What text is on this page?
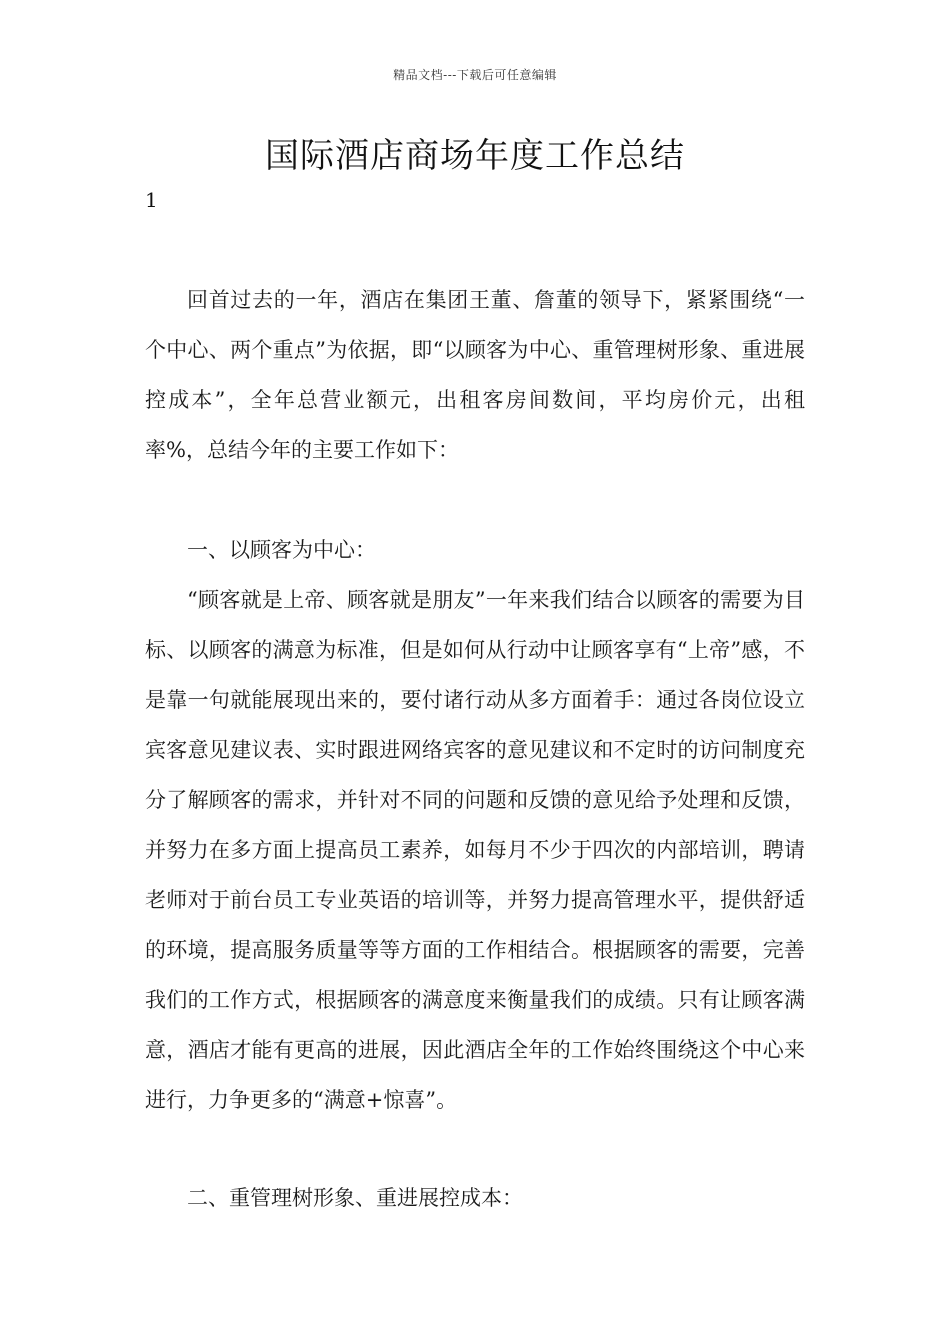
精品文档---下载后可任意编辑
国际酒店商场年度工作总结
1

回首过去的一年，酒店在集团王董、詹董的领导下，紧紧围绕“一个中心、两个重点”为依据，即“以顾客为中心、重管理树形象、重进展控成本”，全年总营业额元，出租客房间数间，平均房价元，出租率%，总结今年的主要工作如下：

一、以顾客为中心：

“顾客就是上帝、顾客就是朋友”一年来我们结合以顾客的需要为目标、以顾客的满意为标准，但是如何从行动中让顾客享有“上帝”感，不是靠一句就能展现出来的，要付诸行动从多方面着手：通过各岗位设立宾客意见建议表、实时跟进网络宾客的意见建议和不定时的访问制度充分了解顾客的需求，并针对不同的问题和反馈的意见给予处理和反馈，并努力在多方面上提高员工素养，如每月不少于四次的内部培训，聘请老师对于前台员工专业英语的培训等，并努力提高管理水平，提供舒适的环境，提高服务质量等等方面的工作相结合。根据顾客的需要，完善我们的工作方式，根据顾客的满意度来衡量我们的成绩。只有让顾客满意，酒店才能有更高的进展，因此酒店全年的工作始终围绕这个中心来进行，力争更多的“满意+惊喜”。

二、重管理树形象、重进展控成本：
